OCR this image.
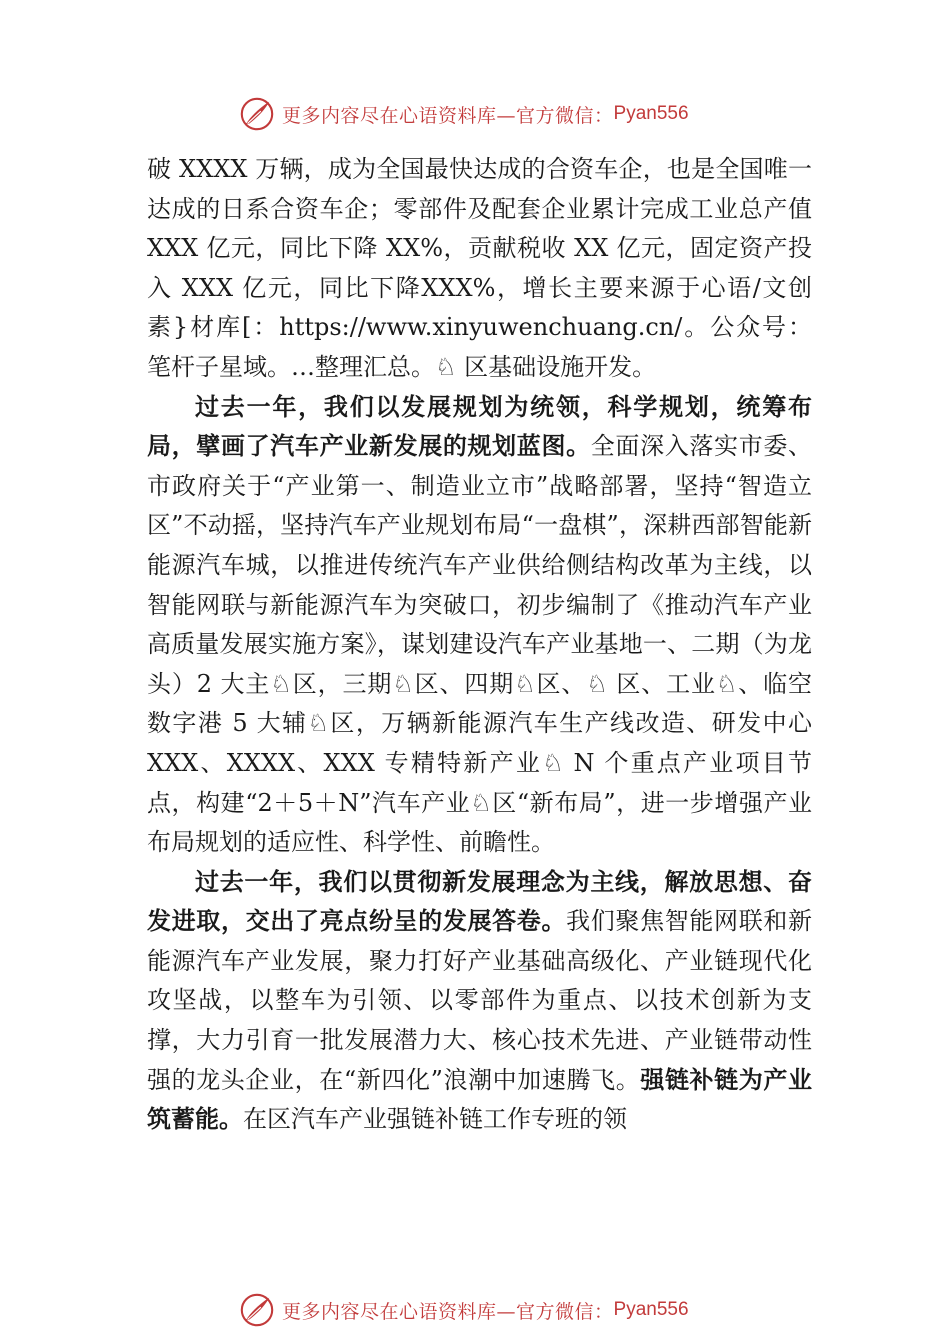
更多内容尽在心语资料库—官方微信： Pyan556

破 XXXX 万辆，成为全国最快达成的合资车企，也是全国唯一达成的日系合资车企；零部件及配套企业累计完成工业总产值XXX 亿元，同比下降 XX%，贡献税收 XX 亿元，固定资产投入 XXX 亿元，同比下降XXX%，增长主要来源于心语/文创素}材库[：https://www.xinyuwenchuang.cn/。公众号：笔杆子星域。…整理汇总。♘ 区基础设施开发。

过去一年，我们以发展规划为统领，科学规划，统筹布局，擘画了汽车产业新发展的规划蓝图。全面深入落实市委、市政府关于“产业第一、制造业立市”战略部署，坚持“智造立区”不动摇，坚持汽车产业规划布局“一盘棋”，深耕西部智能新能源汽车城，以推进传统汽车产业供给侧结构改革为主线，以智能网联与新能源汽车为突破口，初步编制了《推动汽车产业高质量发展实施方案》，谋划建设汽车产业基地一、二期（为龙头）2 大主♘区，三期♘区、四期♘区、♘ 区、工业♘、临空数字港 5 大辅♘区，万辆新能源汽车生产线改造、研发中心 XXX、XXXX、XXX 专精特新产业♘ N 个重点产业项目节点，构建“2＋5＋N”汽车产业♘区“新布局”，进一步增强产业布局规划的适应性、科学性、前瞻性。

过去一年，我们以贯彻新发展理念为主线，解放思想、奋发进取，交出了亮点纷呈的发展答卷。我们聚焦智能网联和新能源汽车产业发展，聚力打好产业基础高级化、产业链现代化攻坚战，以整车为引领、以零部件为重点、以技术创新为支撑，大力引育一批发展潜力大、核心技术先进、产业链带动性强的龙头企业，在“新四化”浪潮中加速腾飞。强链补链为产业筑蓄能。在区汽车产业强链补链工作专班的领

更多内容尽在心语资料库—官方微信： Pyan556
